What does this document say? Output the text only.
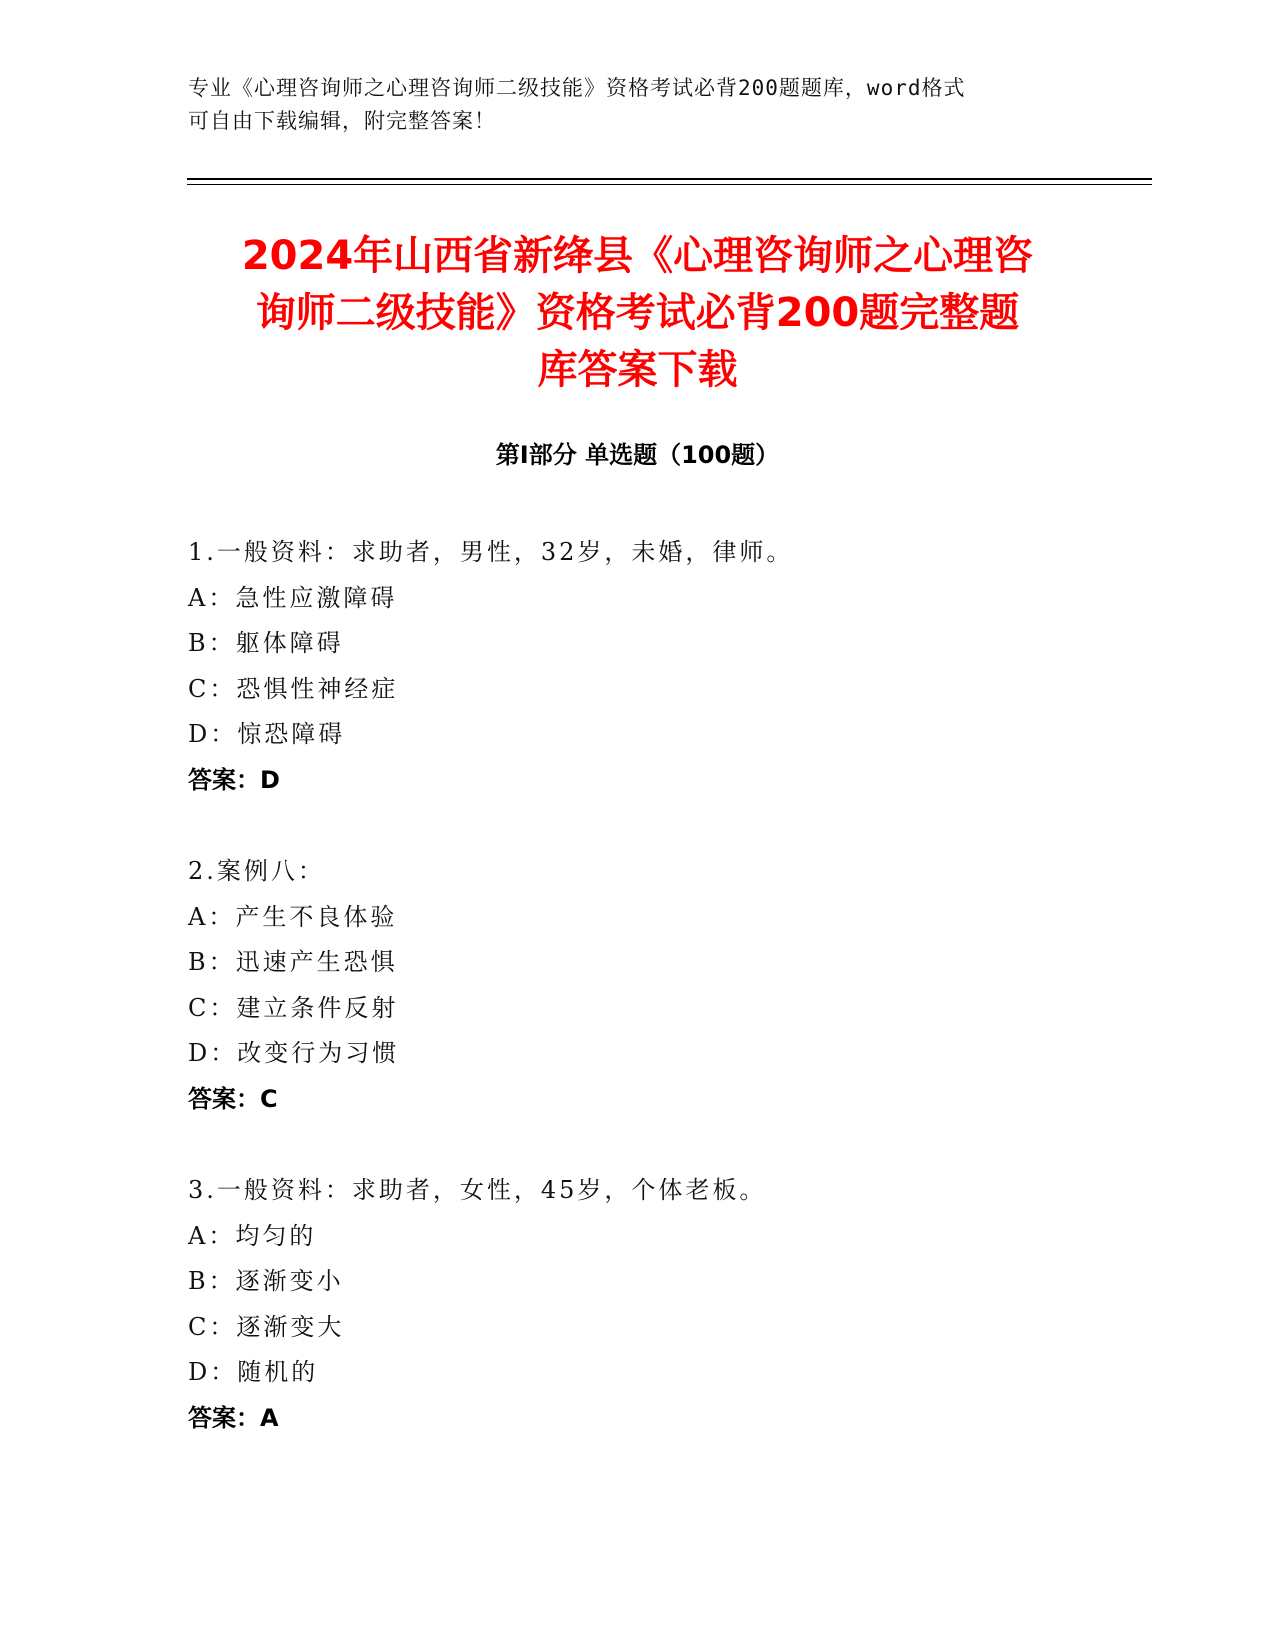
专业《心理咨询师之心理咨询师二级技能》资格考试必背200题题库，word格式
可自由下载编辑，附完整答案！
2024年山西省新绛县《心理咨询师之心理咨
询师二级技能》资格考试必背200题完整题
库答案下载
第Ⅰ部分 单选题（100题）
1.一般资料：求助者，男性，32岁，未婚，律师。
A：急性应激障碍
B：躯体障碍
C：恐惧性神经症
D：惊恐障碍
答案：D
2.案例八：
A：产生不良体验
B：迅速产生恐惧
C：建立条件反射
D：改变行为习惯
答案：C
3.一般资料：求助者，女性，45岁，个体老板。
A：均匀的
B：逐渐变小
C：逐渐变大
D：随机的
答案：A
